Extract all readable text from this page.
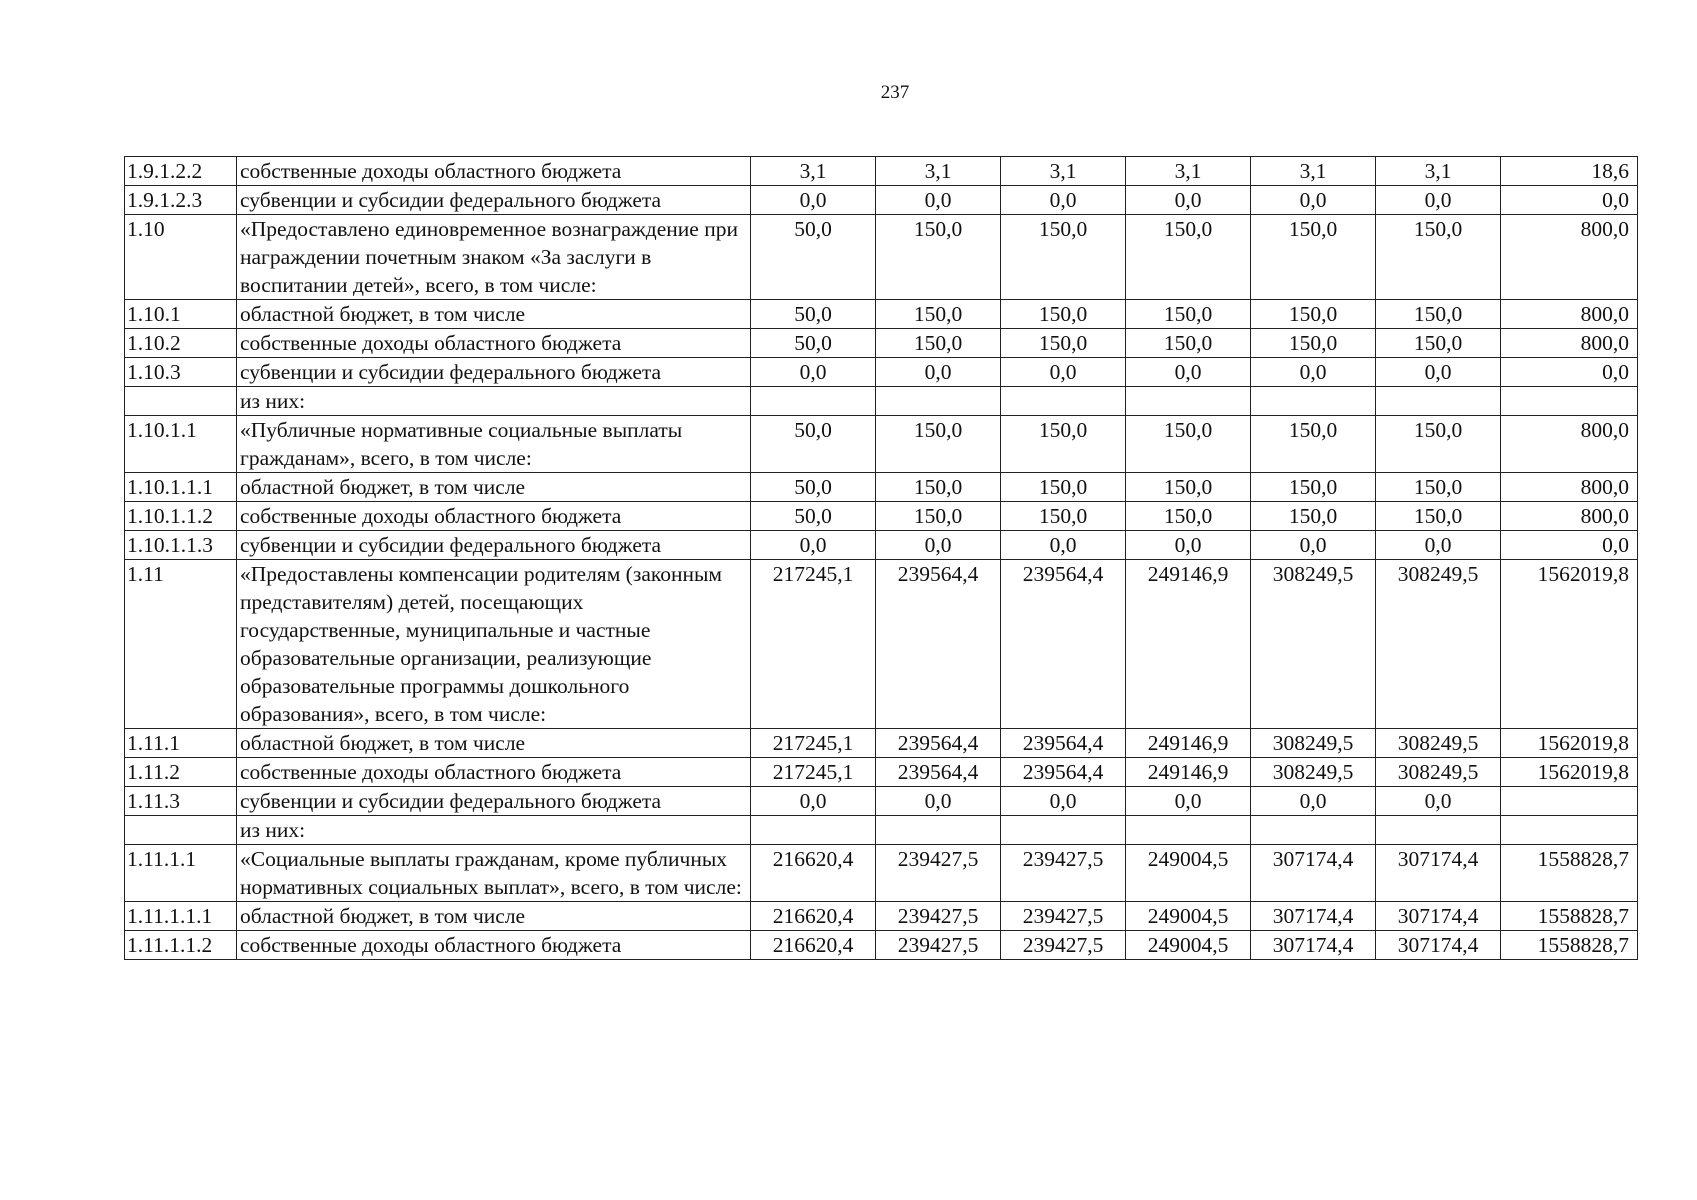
237
1.9.1.2.2	собственные доходы областного бюджета	3,1	3,1	3,1	3,1	3,1	3,1	18,6
1.9.1.2.3	субвенции и субсидии федерального бюджета	0,0	0,0	0,0	0,0	0,0	0,0	0,0
1.10	«Предоставлено единовременное вознаграждение при награждении почетным знаком «За заслуги в воспитании детей», всего, в том числе:	50,0	150,0	150,0	150,0	150,0	150,0	800,0
1.10.1	областной бюджет, в том числе	50,0	150,0	150,0	150,0	150,0	150,0	800,0
1.10.2	собственные доходы областного бюджета	50,0	150,0	150,0	150,0	150,0	150,0	800,0
1.10.3	субвенции и субсидии федерального бюджета	0,0	0,0	0,0	0,0	0,0	0,0	0,0
	из них:							
1.10.1.1	«Публичные нормативные социальные выплаты гражданам», всего, в том числе:	50,0	150,0	150,0	150,0	150,0	150,0	800,0
1.10.1.1.1	областной бюджет, в том числе	50,0	150,0	150,0	150,0	150,0	150,0	800,0
1.10.1.1.2	собственные доходы областного бюджета	50,0	150,0	150,0	150,0	150,0	150,0	800,0
1.10.1.1.3	субвенции и субсидии федерального бюджета	0,0	0,0	0,0	0,0	0,0	0,0	0,0
1.11	«Предоставлены компенсации родителям (законным представителям) детей, посещающих государственные, муниципальные и частные образовательные организации, реализующие образовательные программы дошкольного образования», всего, в том числе:	217245,1	239564,4	239564,4	249146,9	308249,5	308249,5	1562019,8
1.11.1	областной бюджет, в том числе	217245,1	239564,4	239564,4	249146,9	308249,5	308249,5	1562019,8
1.11.2	собственные доходы областного бюджета	217245,1	239564,4	239564,4	249146,9	308249,5	308249,5	1562019,8
1.11.3	субвенции и субсидии федерального бюджета	0,0	0,0	0,0	0,0	0,0	0,0	
	из них:							
1.11.1.1	«Социальные выплаты гражданам, кроме публичных нормативных социальных выплат», всего, в том числе:	216620,4	239427,5	239427,5	249004,5	307174,4	307174,4	1558828,7
1.11.1.1.1	областной бюджет, в том числе	216620,4	239427,5	239427,5	249004,5	307174,4	307174,4	1558828,7
1.11.1.1.2	собственные доходы областного бюджета	216620,4	239427,5	239427,5	249004,5	307174,4	307174,4	1558828,7
